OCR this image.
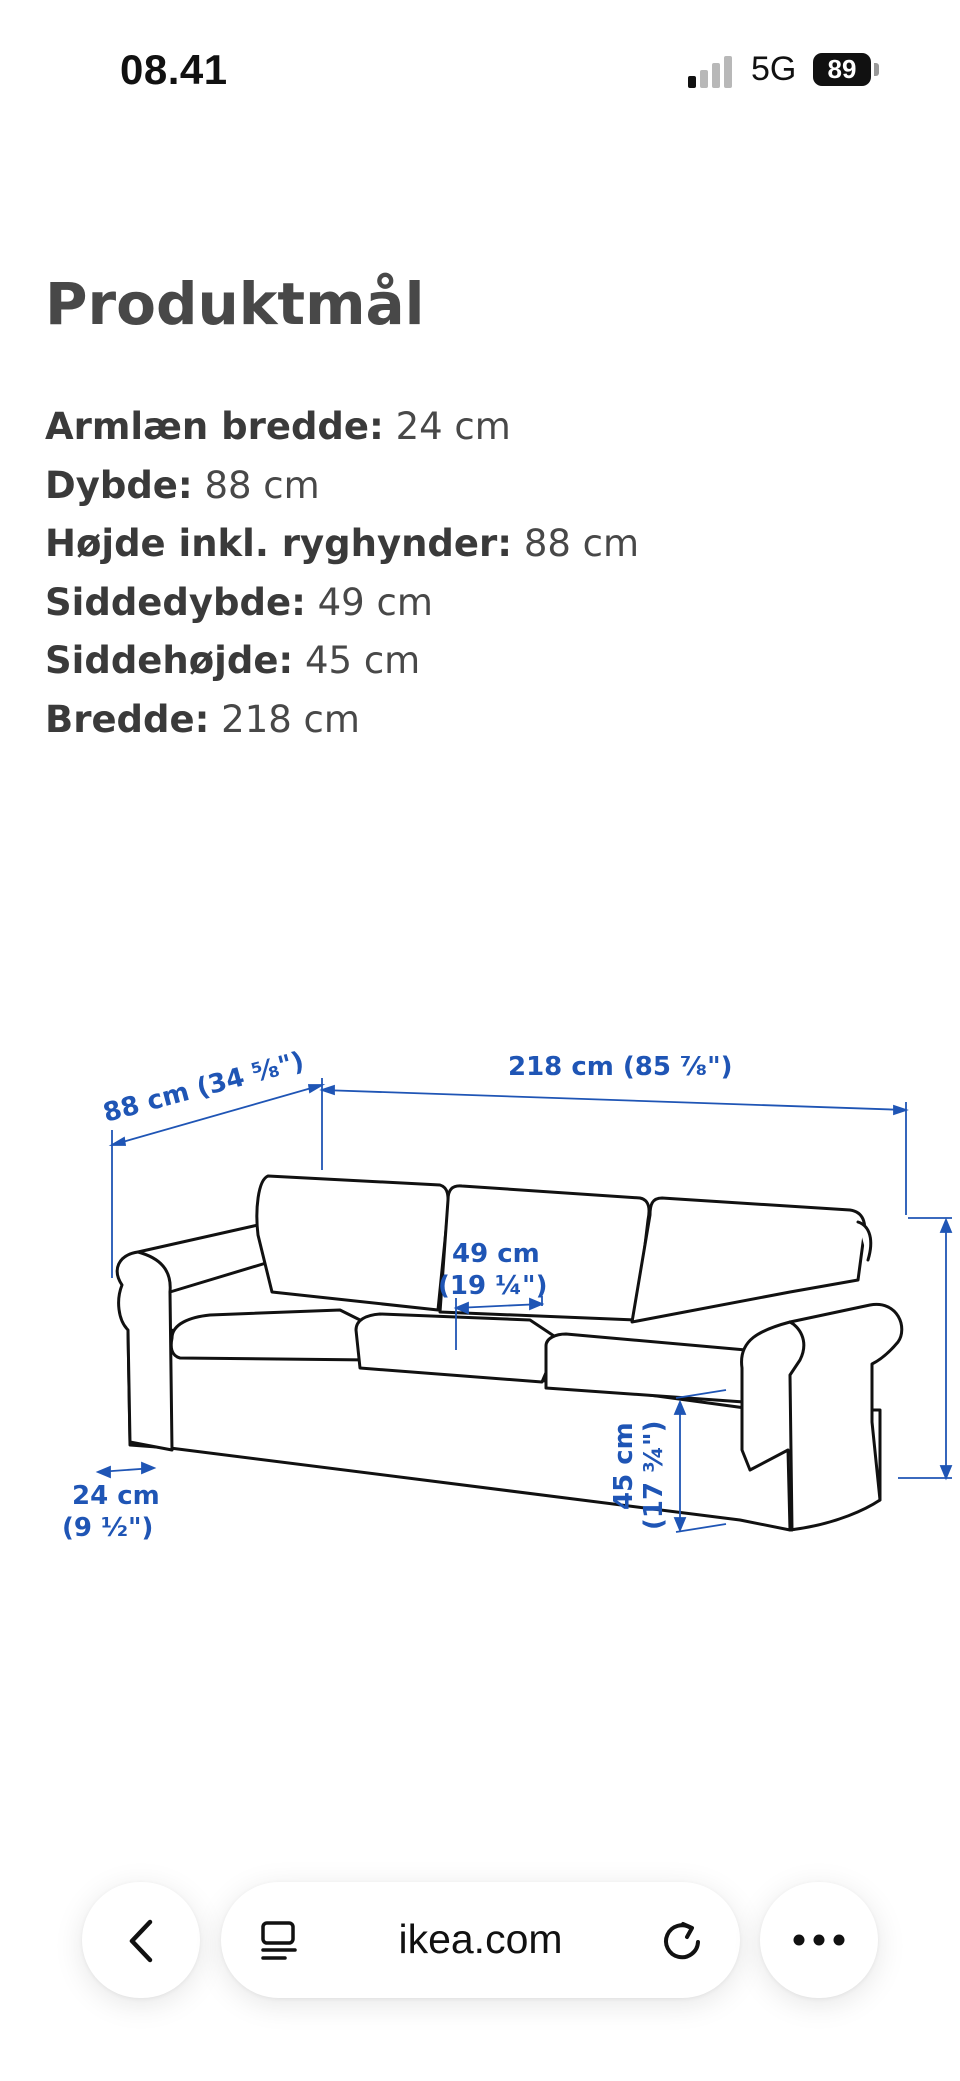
08.41	5G	89
Produktmål
Armlæn bredde: 24 cm
Dybde: 88 cm
Højde inkl. ryghynder: 88 cm
Siddedybde: 49 cm
Siddehøjde: 45 cm
Bredde: 218 cm
88 cm (34 ⁵⁄₈")	218 cm (85 ⁷⁄₈")
49 cm
(19 ¼")
24 cm
(9 ½")
45 cm (17 ¾")
ikea.com
